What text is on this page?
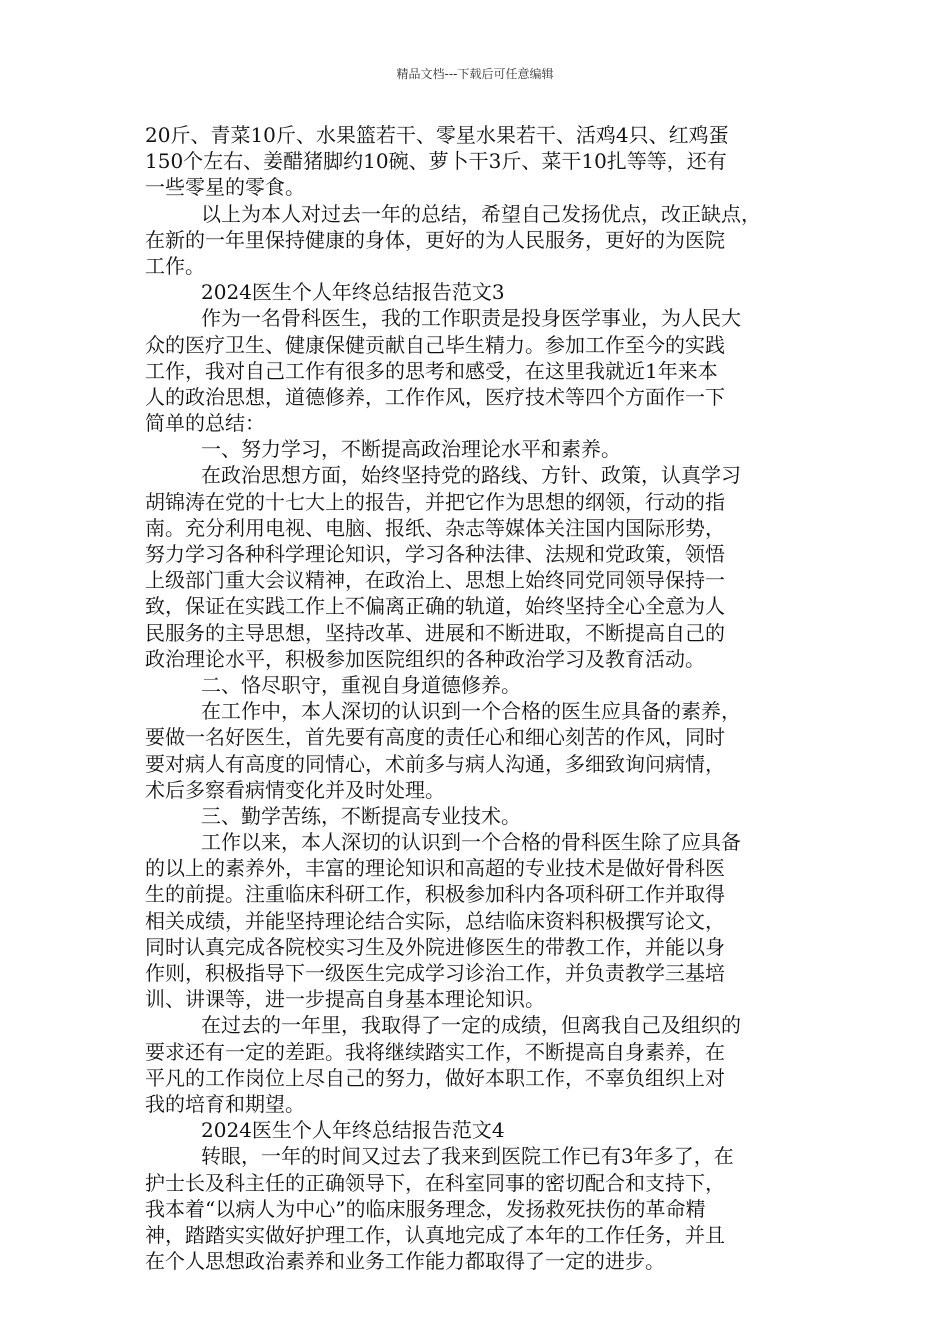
精品文档---下载后可任意编辑
20斤、青菜10斤、水果篮若干、零星水果若干、活鸡4只、红鸡蛋
150个左右、姜醋猪脚约10碗、萝卜干3斤、菜干10扎等等，还有
一些零星的零食。
以上为本人对过去一年的总结，希望自己发扬优点，改正缺点，
在新的一年里保持健康的身体，更好的为人民服务，更好的为医院
工作。
2024医生个人年终总结报告范文3
作为一名骨科医生，我的工作职责是投身医学事业，为人民大
众的医疗卫生、健康保健贡献自己毕生精力。参加工作至今的实践
工作，我对自己工作有很多的思考和感受，在这里我就近1年来本
人的政治思想，道德修养，工作作风，医疗技术等四个方面作一下
简单的总结：
一、努力学习，不断提高政治理论水平和素养。
在政治思想方面，始终坚持党的路线、方针、政策，认真学习
胡锦涛在党的十七大上的报告，并把它作为思想的纲领，行动的指
南。充分利用电视、电脑、报纸、杂志等媒体关注国内国际形势，
努力学习各种科学理论知识，学习各种法律、法规和党政策，领悟
上级部门重大会议精神，在政治上、思想上始终同党同领导保持一
致，保证在实践工作上不偏离正确的轨道，始终坚持全心全意为人
民服务的主导思想，坚持改革、进展和不断进取，不断提高自己的
政治理论水平，积极参加医院组织的各种政治学习及教育活动。
二、恪尽职守，重视自身道德修养。
在工作中，本人深切的认识到一个合格的医生应具备的素养，
要做一名好医生，首先要有高度的责任心和细心刻苦的作风，同时
要对病人有高度的同情心，术前多与病人沟通，多细致询问病情，
术后多察看病情变化并及时处理。
三、勤学苦练，不断提高专业技术。
工作以来，本人深切的认识到一个合格的骨科医生除了应具备
的以上的素养外，丰富的理论知识和高超的专业技术是做好骨科医
生的前提。注重临床科研工作，积极参加科内各项科研工作并取得
相关成绩，并能坚持理论结合实际，总结临床资料积极撰写论文，
同时认真完成各院校实习生及外院进修医生的带教工作，并能以身
作则，积极指导下一级医生完成学习诊治工作，并负责教学三基培
训、讲课等，进一步提高自身基本理论知识。
在过去的一年里，我取得了一定的成绩，但离我自己及组织的
要求还有一定的差距。我将继续踏实工作，不断提高自身素养，在
平凡的工作岗位上尽自己的努力，做好本职工作，不辜负组织上对
我的培育和期望。
2024医生个人年终总结报告范文4
转眼，一年的时间又过去了我来到医院工作已有3年多了，在
护士长及科主任的正确领导下，在科室同事的密切配合和支持下，
我本着“以病人为中心”的临床服务理念，发扬救死扶伤的革命精
神，踏踏实实做好护理工作，认真地完成了本年的工作任务，并且
在个人思想政治素养和业务工作能力都取得了一定的进步。
